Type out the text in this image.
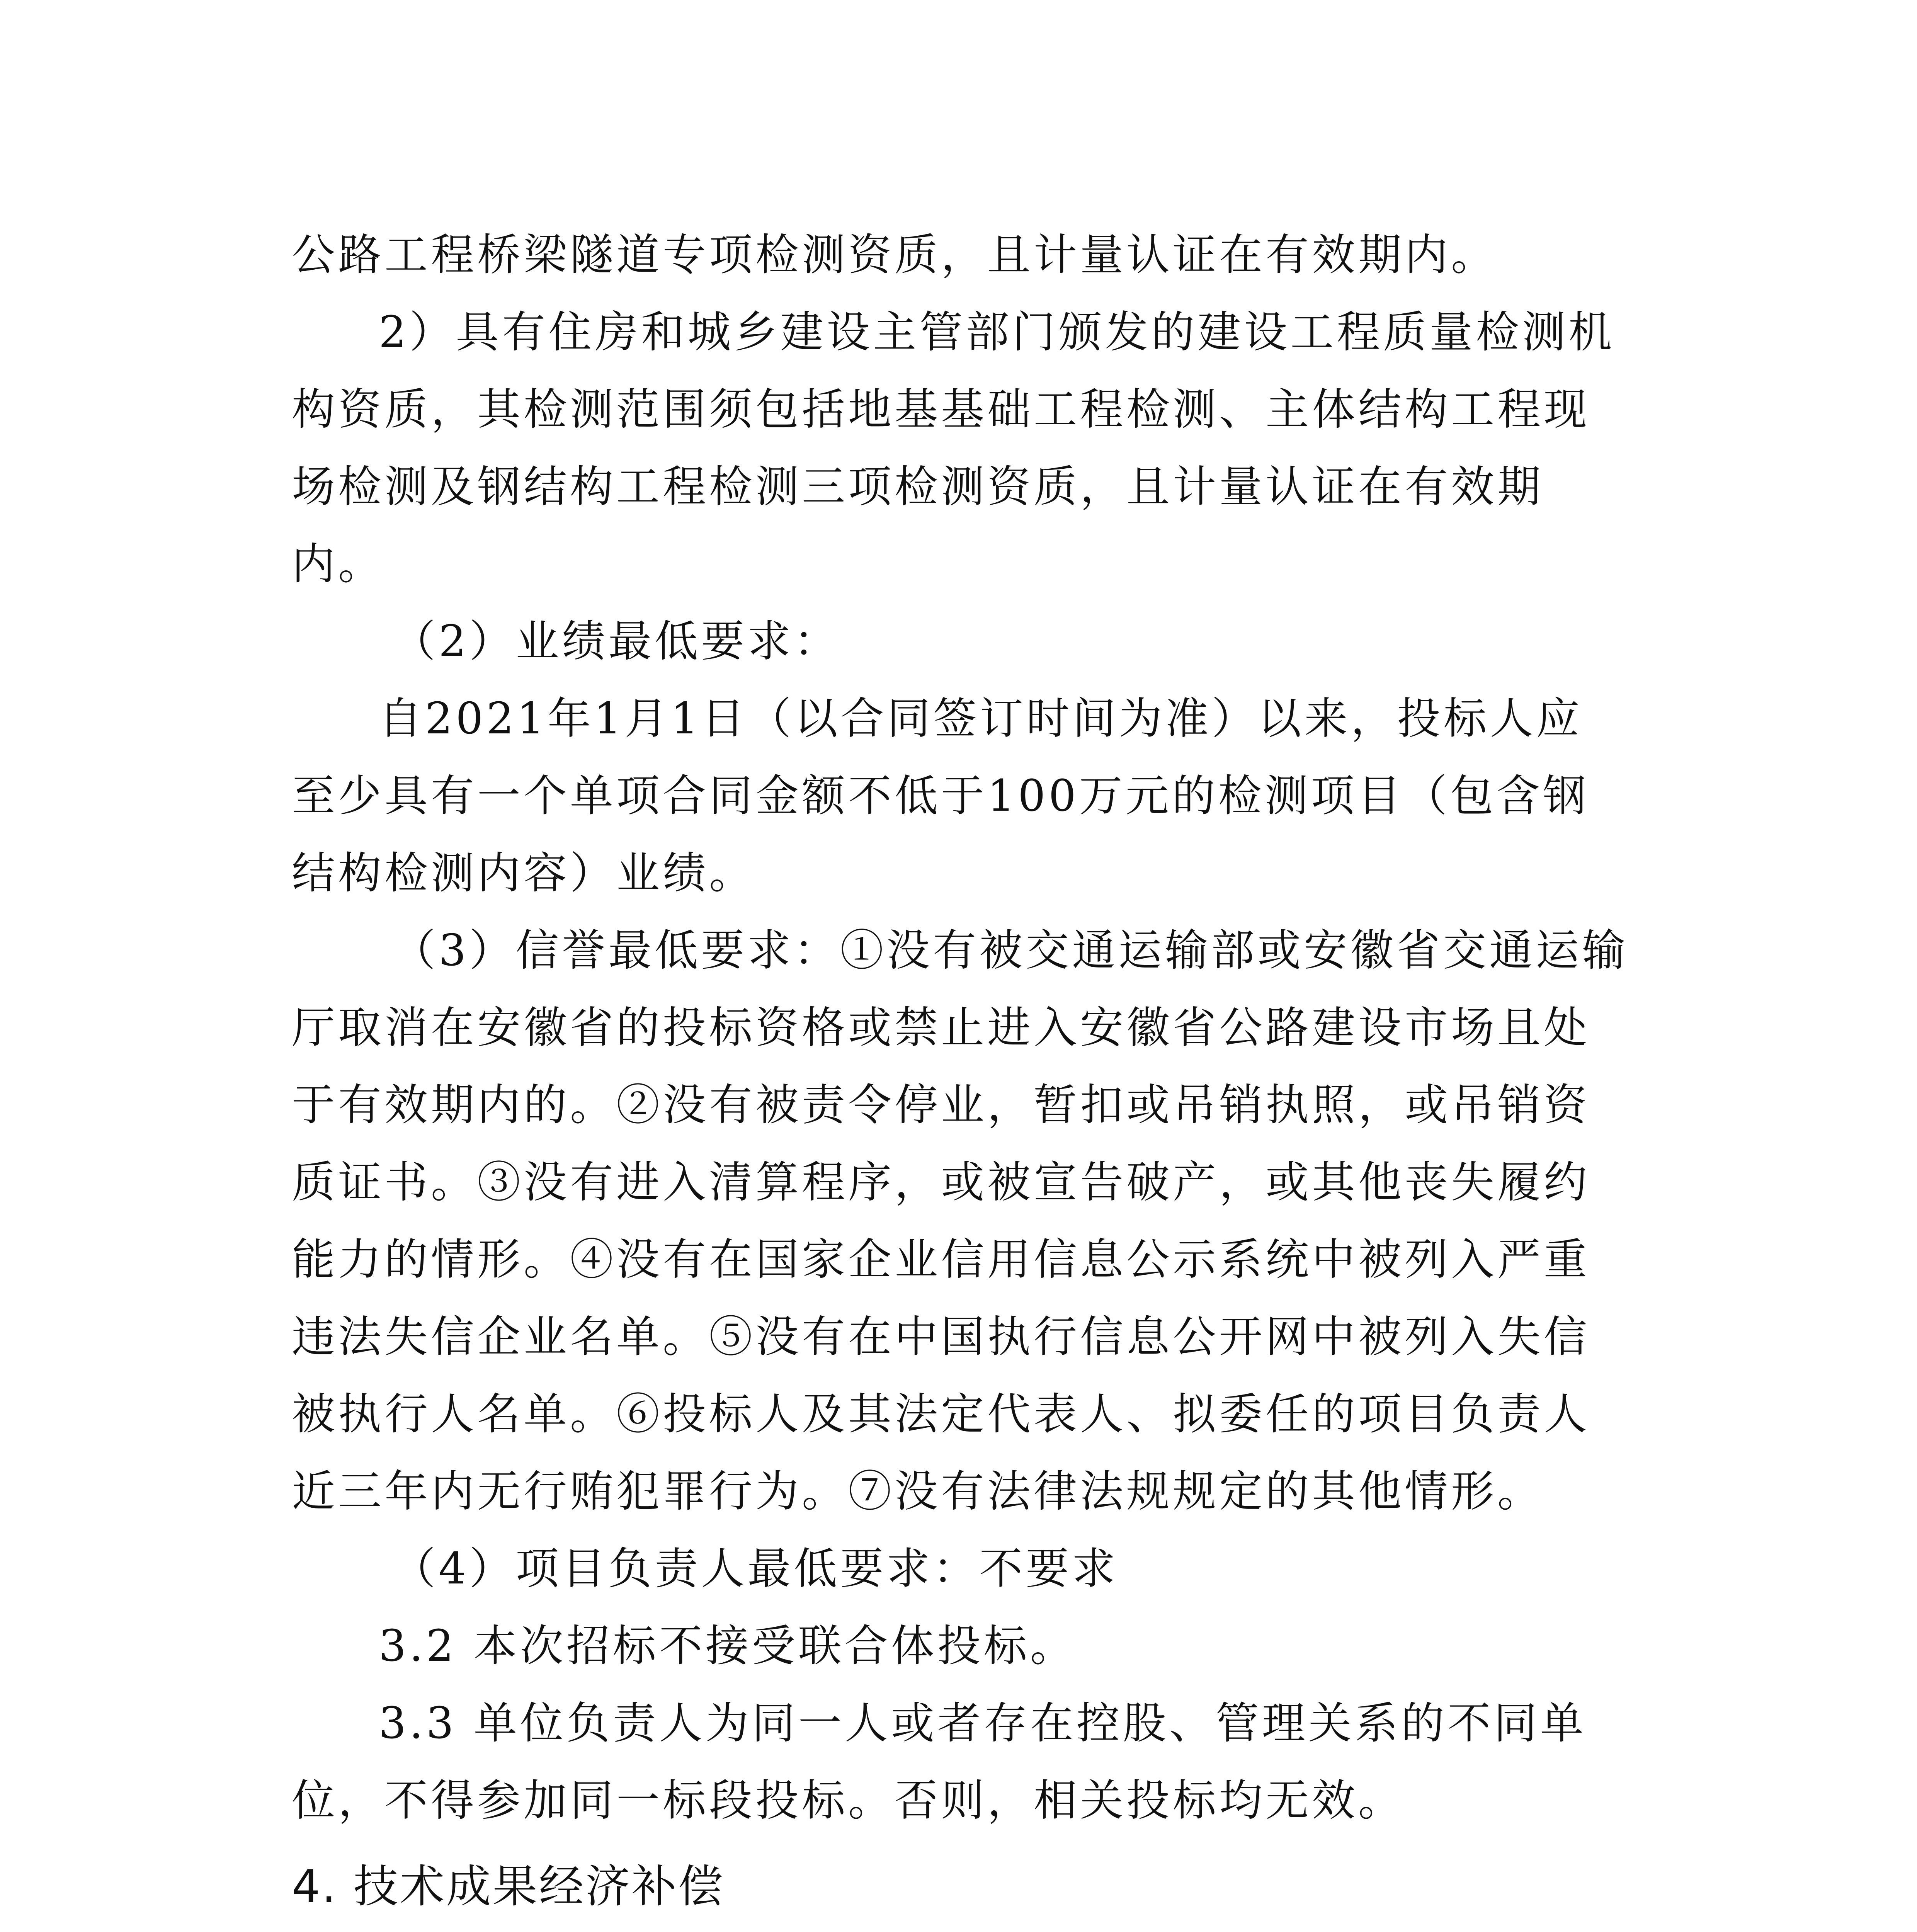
公路工程桥梁隧道专项检测资质，且计量认证在有效期内。

2）具有住房和城乡建设主管部门颁发的建设工程质量检测机构资质，其检测范围须包括地基基础工程检测、主体结构工程现场检测及钢结构工程检测三项检测资质，且计量认证在有效期内。

（2）业绩最低要求：

自2021年1月1日（以合同签订时间为准）以来，投标人应至少具有一个单项合同金额不低于100万元的检测项目（包含钢结构检测内容）业绩。

（3）信誉最低要求：①没有被交通运输部或安徽省交通运输厅取消在安徽省的投标资格或禁止进入安徽省公路建设市场且处于有效期内的。②没有被责令停业，暂扣或吊销执照，或吊销资质证书。③没有进入清算程序，或被宣告破产，或其他丧失履约能力的情形。④没有在国家企业信用信息公示系统中被列入严重违法失信企业名单。⑤没有在中国执行信息公开网中被列入失信被执行人名单。⑥投标人及其法定代表人、拟委任的项目负责人近三年内无行贿犯罪行为。⑦没有法律法规规定的其他情形。

（4）项目负责人最低要求：不要求

3.2 本次招标不接受联合体投标。

3.3 单位负责人为同一人或者存在控股、管理关系的不同单位，不得参加同一标段投标。否则，相关投标均无效。

4. 技术成果经济补偿
